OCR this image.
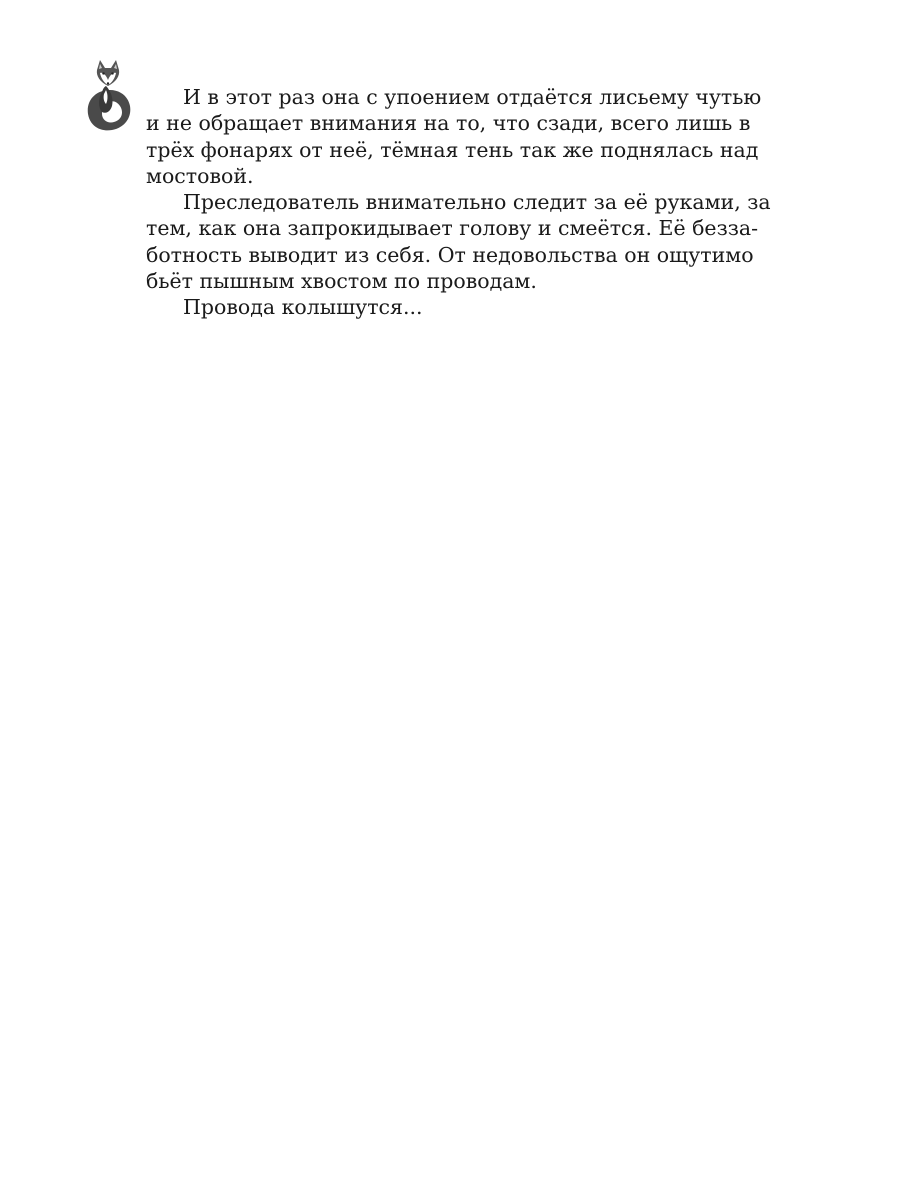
И в этот раз она с упоением отдаётся лисьему чутью
и не обращает внимания на то, что сзади, всего лишь в
трёх фонарях от неё, тёмная тень так же поднялась над
мостовой.

Преследователь внимательно следит за её руками, за
тем, как она запрокидывает голову и смеётся. Её безза-
ботность выводит из себя. От недовольства он ощутимо
бьёт пышным хвостом по проводам.

Провода колышутся...
